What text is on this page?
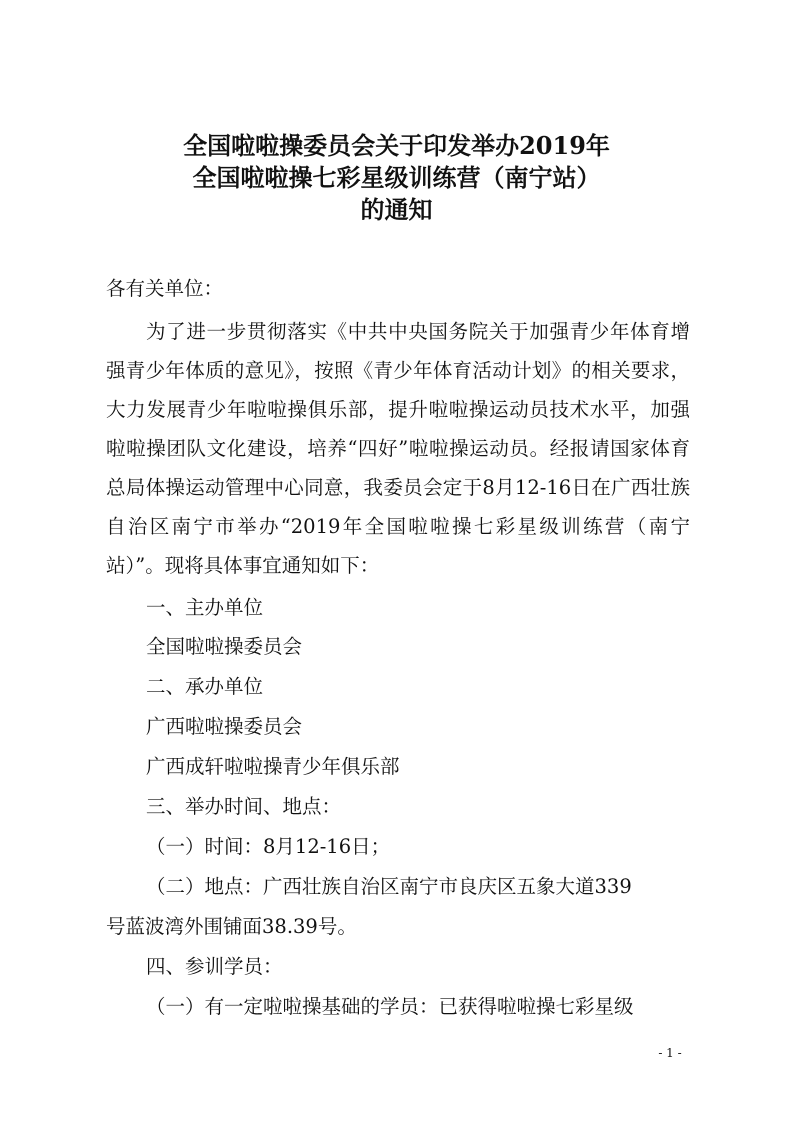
全国啦啦操委员会关于印发举办2019年
全国啦啦操七彩星级训练营（南宁站）
的通知

各有关单位：

为了进一步贯彻落实《中共中央国务院关于加强青少年体育增强青少年体质的意见》，按照《青少年体育活动计划》的相关要求，大力发展青少年啦啦操俱乐部，提升啦啦操运动员技术水平，加强啦啦操团队文化建设，培养“四好”啦啦操运动员。经报请国家体育总局体操运动管理中心同意，我委员会定于8月12-16日在广西壮族自治区南宁市举办“2019年全国啦啦操七彩星级训练营（南宁站）”。现将具体事宜通知如下：

一、主办单位

全国啦啦操委员会

二、承办单位

广西啦啦操委员会

广西成轩啦啦操青少年俱乐部

三、举办时间、地点：

（一）时间：8月12-16日；

（二）地点：广西壮族自治区南宁市良庆区五象大道339

号蓝波湾外围铺面38.39号。

四、参训学员：

（一）有一定啦啦操基础的学员：已获得啦啦操七彩星级

- 1 -
